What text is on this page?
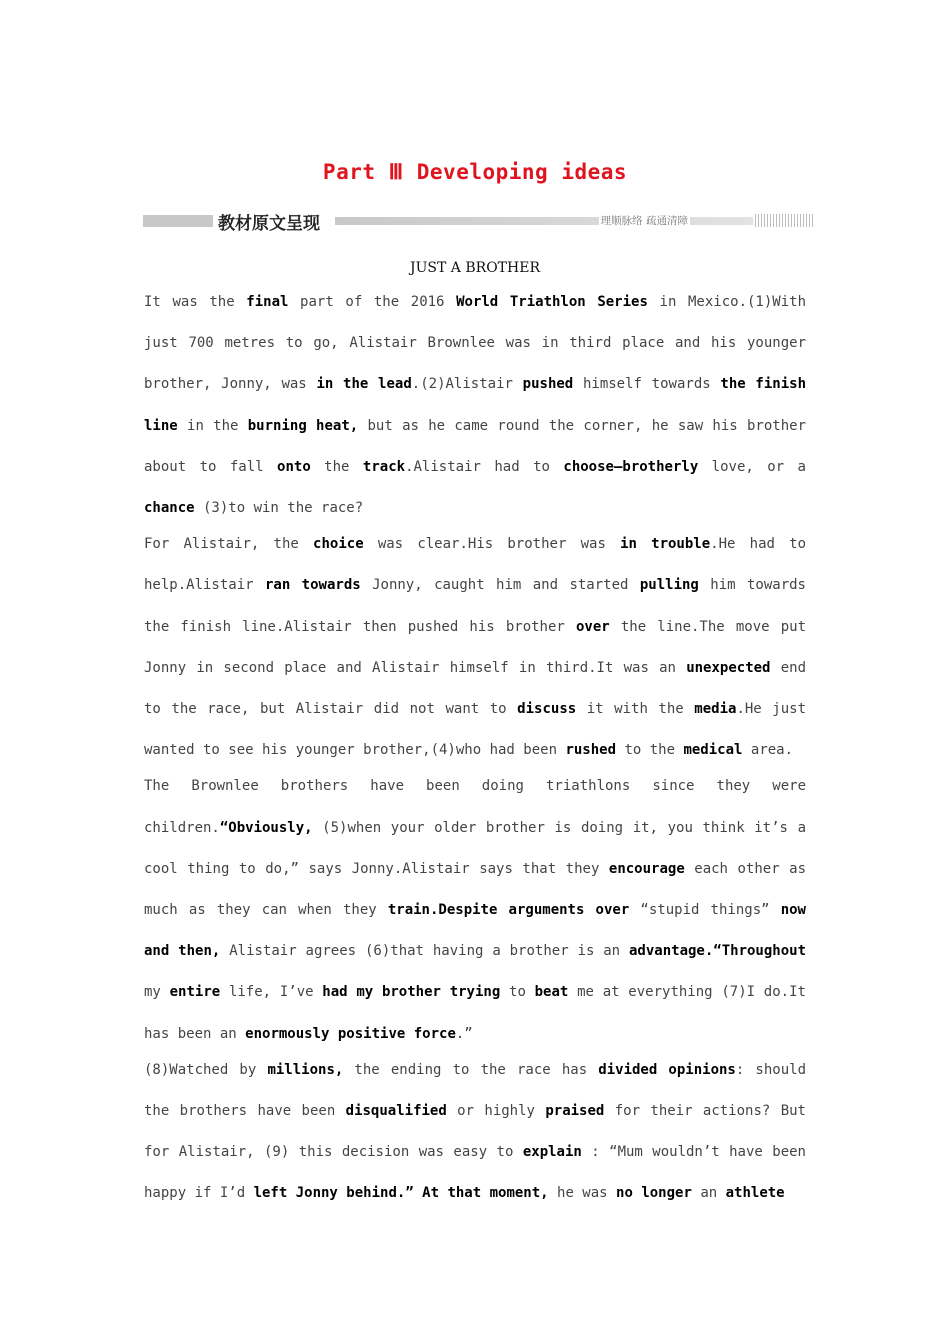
Part Ⅲ Developing ideas
教材原文呈现	理顺脉络 疏通清障
JUST A BROTHER

It was the final part of the 2016 World Triathlon Series in Mexico.(1)With just 700 metres to go, Alistair Brownlee was in third place and his younger brother, Jonny, was in the lead.(2)Alistair pushed himself towards the finish line in the burning heat, but as he came round the corner, he saw his brother about to fall onto the track.Alistair had to choose—brotherly love, or a chance (3)to win the race?

For Alistair, the choice was clear.His brother was in trouble.He had to help.Alistair ran towards Jonny, caught him and started pulling him towards the finish line.Alistair then pushed his brother over the line.The move put Jonny in second place and Alistair himself in third.It was an unexpected end to the race, but Alistair did not want to discuss it with the media.He just wanted to see his younger brother,(4)who had been rushed to the medical area.

The Brownlee brothers have been doing triathlons since they were children.“Obviously, (5)when your older brother is doing it, you think it’s a cool thing to do,” says Jonny.Alistair says that they encourage each other as much as they can when they train.Despite arguments over “stupid things” now and then, Alistair agrees (6)that having a brother is an advantage.“Throughout my entire life, I’ve had my brother trying to beat me at everything (7)I do.It has been an enormously positive force.”

(8)Watched by millions, the ending to the race has divided opinions: should the brothers have been disqualified or highly praised for their actions? But for Alistair, (9) this decision was easy to explain : “Mum wouldn’t have been happy if I’d left Jonny behind.” At that moment, he was no longer an athlete
